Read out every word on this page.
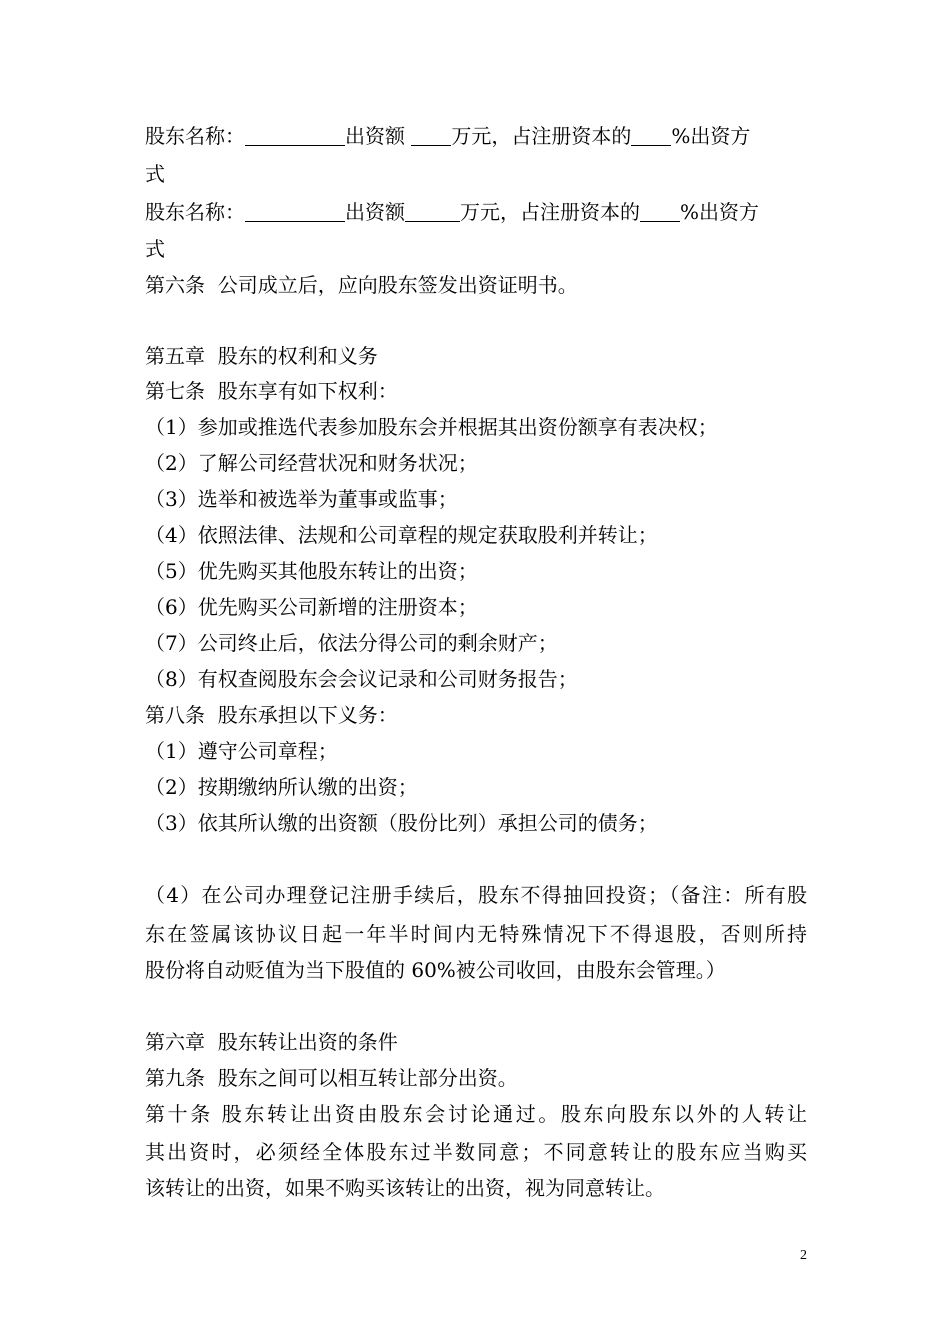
股东名称：	出资额 万元，占注册资本的 %出资方
式
股东名称：	出资额	万元，占注册资本的 %出资方
式
第六条  公司成立后，应向股东签发出资证明书。
第五章  股东的权利和义务
第七条  股东享有如下权利：
（1）参加或推选代表参加股东会并根据其出资份额享有表决权；
（2）了解公司经营状况和财务状况；
（3）选举和被选举为董事或监事；
（4）依照法律、法规和公司章程的规定获取股利并转让；
（5）优先购买其他股东转让的出资；
（6）优先购买公司新增的注册资本；
（7）公司终止后，依法分得公司的剩余财产；
（8）有权查阅股东会会议记录和公司财务报告；
第八条  股东承担以下义务：
（1）遵守公司章程；
（2）按期缴纳所认缴的出资；
（3）依其所认缴的出资额（股份比列）承担公司的债务；
（4）在公司办理登记注册手续后，股东不得抽回投资；（备注：所有股
东在签属该协议日起一年半时间内无特殊情况下不得退股，否则所持
股份将自动贬值为当下股值的 60%被公司收回，由股东会管理。）
第六章  股东转让出资的条件
第九条  股东之间可以相互转让部分出资。
第十条 股东转让出资由股东会讨论通过。股东向股东以外的人转让
其出资时，必须经全体股东过半数同意；不同意转让的股东应当购买
该转让的出资，如果不购买该转让的出资，视为同意转让。
2
